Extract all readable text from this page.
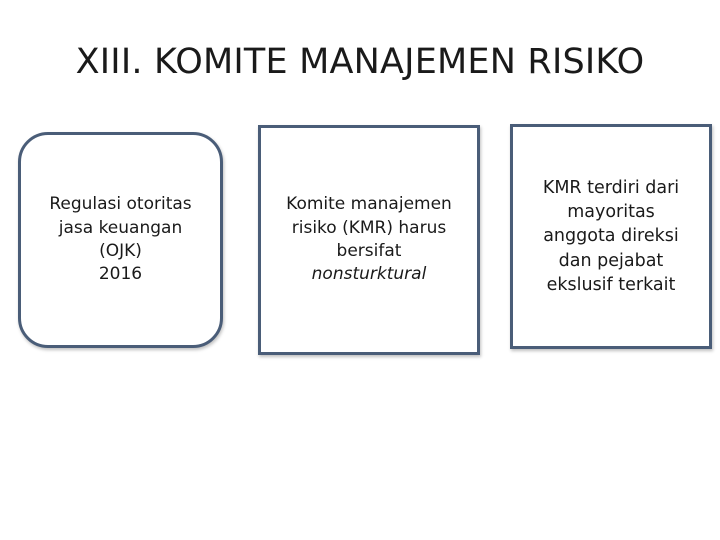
XIII. KOMITE MANAJEMEN RISIKO
Regulasi otoritas
jasa keuangan
(OJK)
2016
Komite manajemen
risiko (KMR) harus
bersifat
nonsturktural
KMR terdiri dari
mayoritas
anggota direksi
dan pejabat
ekslusif terkait
